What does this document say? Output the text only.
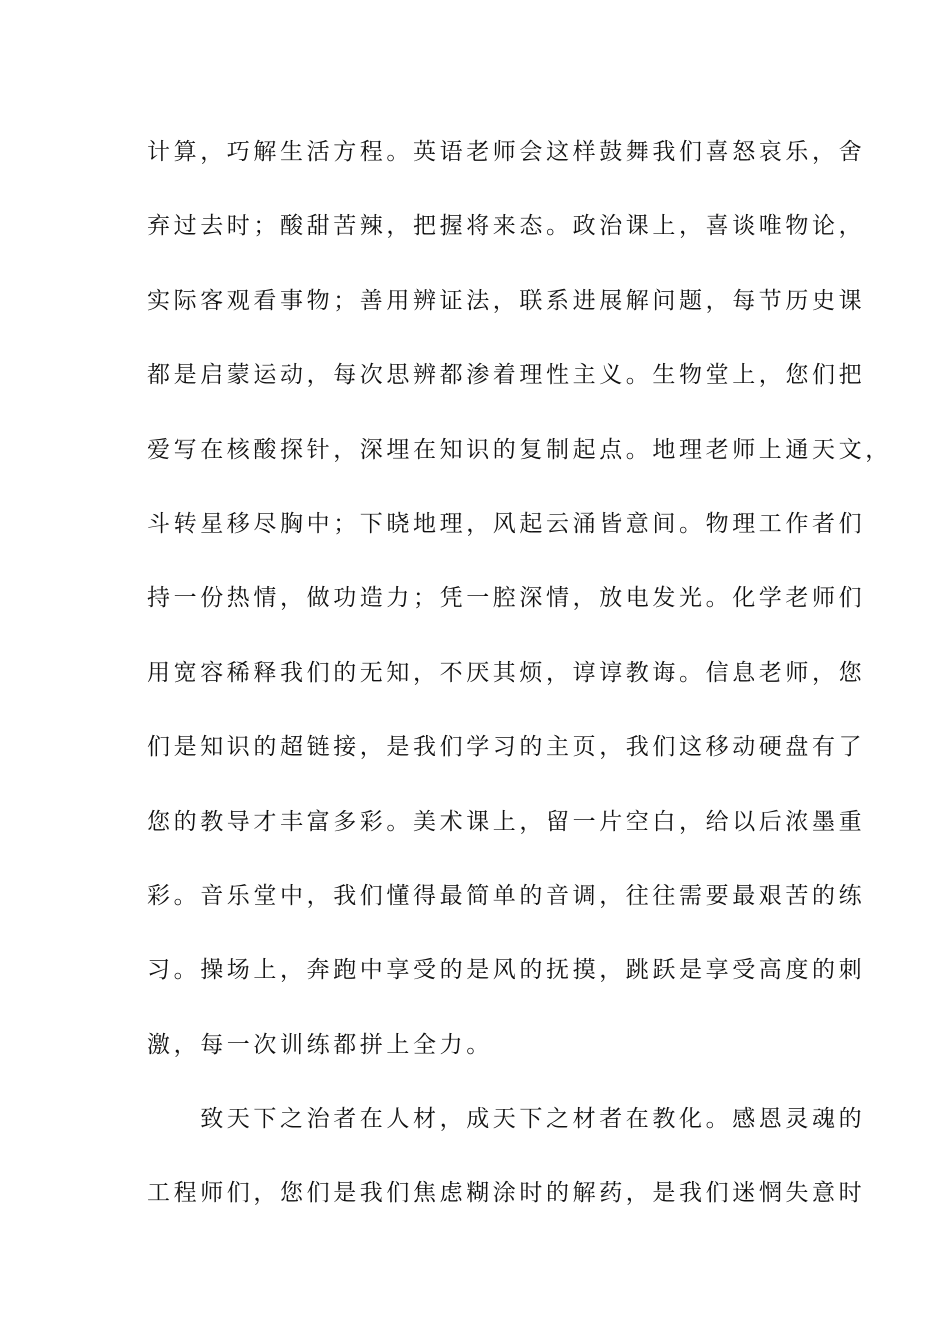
计算，巧解生活方程。英语老师会这样鼓舞我们喜怒哀乐，舍
弃过去时；酸甜苦辣，把握将来态。政治课上，喜谈唯物论，
实际客观看事物；善用辨证法，联系进展解问题，每节历史课
都是启蒙运动，每次思辨都渗着理性主义。生物堂上，您们把
爱写在核酸探针，深埋在知识的复制起点。地理老师上通天文，
斗转星移尽胸中；下晓地理，风起云涌皆意间。物理工作者们
持一份热情，做功造力；凭一腔深情，放电发光。化学老师们
用宽容稀释我们的无知，不厌其烦，谆谆教诲。信息老师，您
们是知识的超链接，是我们学习的主页，我们这移动硬盘有了
您的教导才丰富多彩。美术课上，留一片空白，给以后浓墨重
彩。音乐堂中，我们懂得最简单的音调，往往需要最艰苦的练
习。操场上，奔跑中享受的是风的抚摸，跳跃是享受高度的刺
激，每一次训练都拼上全力。
　　致天下之治者在人材，成天下之材者在教化。感恩灵魂的
工程师们，您们是我们焦虑糊涂时的解药，是我们迷惘失意时
